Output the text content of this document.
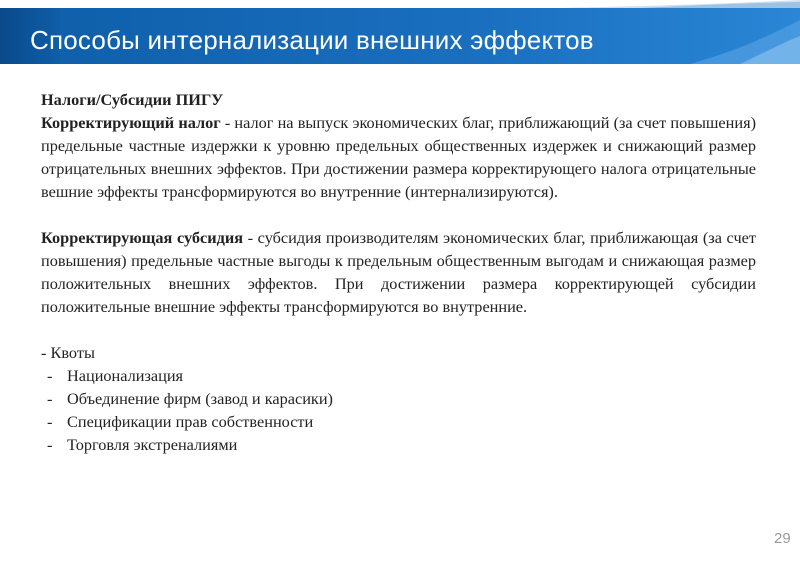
Способы интернализации внешних эффектов

Налоги/Субсидии ПИГУ

Корректирующий налог - налог на выпуск экономических благ, приближающий (за счет повышения) предельные частные издержки к уровню предельных общественных издержек и снижающий размер отрицательных внешних эффектов. При достижении размера корректирующего налога отрицательные вешние эффекты трансформируются во внутренние (интернализируются).

Корректирующая субсидия - субсидия производителям экономических благ, приближающая (за счет повышения) предельные частные выгоды к предельным общественным выгодам и снижающая размер положительных внешних эффектов. При достижении размера корректирующей субсидии положительные внешние эффекты трансформируются во внутренние.

- Квоты

- Национализация
- Объединение фирм (завод и карасики)
- Спецификации прав собственности
- Торговля экстреналиями
29
